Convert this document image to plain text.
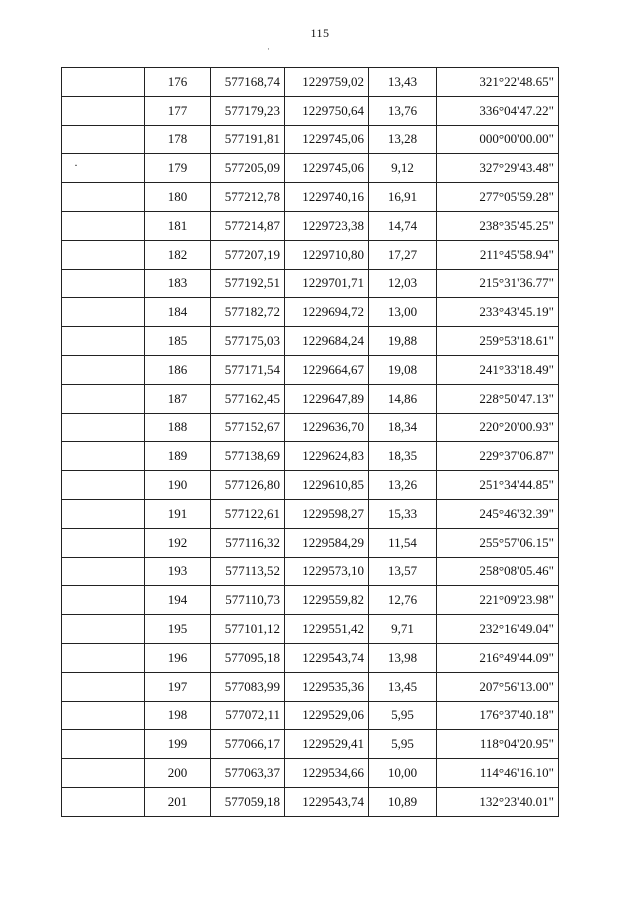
115
·
·
	176	577168,74	1229759,02	13,43	321°22'48.65"
	177	577179,23	1229750,64	13,76	336°04'47.22"
	178	577191,81	1229745,06	13,28	000°00'00.00"
	179	577205,09	1229745,06	9,12	327°29'43.48"
	180	577212,78	1229740,16	16,91	277°05'59.28"
	181	577214,87	1229723,38	14,74	238°35'45.25"
	182	577207,19	1229710,80	17,27	211°45'58.94"
	183	577192,51	1229701,71	12,03	215°31'36.77"
	184	577182,72	1229694,72	13,00	233°43'45.19"
	185	577175,03	1229684,24	19,88	259°53'18.61"
	186	577171,54	1229664,67	19,08	241°33'18.49"
	187	577162,45	1229647,89	14,86	228°50'47.13"
	188	577152,67	1229636,70	18,34	220°20'00.93"
	189	577138,69	1229624,83	18,35	229°37'06.87"
	190	577126,80	1229610,85	13,26	251°34'44.85"
	191	577122,61	1229598,27	15,33	245°46'32.39"
	192	577116,32	1229584,29	11,54	255°57'06.15"
	193	577113,52	1229573,10	13,57	258°08'05.46"
	194	577110,73	1229559,82	12,76	221°09'23.98"
	195	577101,12	1229551,42	9,71	232°16'49.04"
	196	577095,18	1229543,74	13,98	216°49'44.09"
	197	577083,99	1229535,36	13,45	207°56'13.00"
	198	577072,11	1229529,06	5,95	176°37'40.18"
	199	577066,17	1229529,41	5,95	118°04'20.95"
	200	577063,37	1229534,66	10,00	114°46'16.10"
	201	577059,18	1229543,74	10,89	132°23'40.01"
